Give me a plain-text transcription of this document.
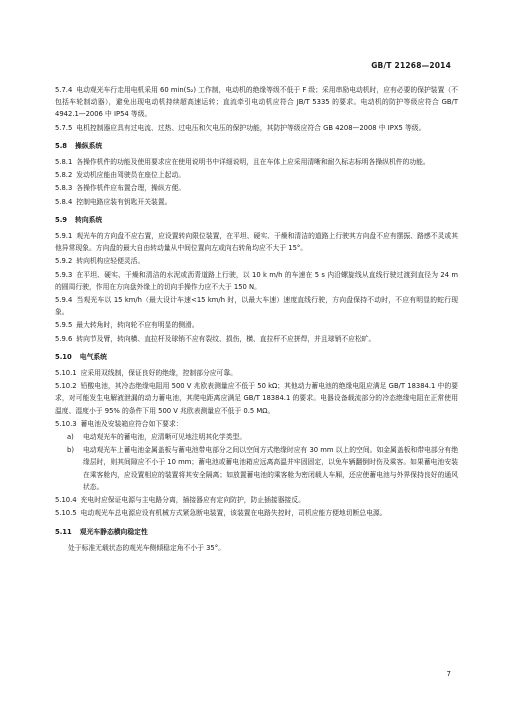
GB/T 21268—2014

5.7.4 电动观光车行走用电机采用 60 min(S₂) 工作制，电动机的绝缘等级不低于 F 级；采用串励电动机时，应有必要的保护装置（不包括车轮制动器），避免出现电动机持续超高速运转；直流牵引电动机应符合 JB/T 5335 的要求。电动机的防护等级应符合 GB/T 4942.1—2006 中 IP54 等级。

5.7.5 电机控制器应具有过电流、过热、过电压和欠电压的保护功能，其防护等级应符合 GB 4208—2008 中 IPX5 等级。

5.8 操纵系统

5.8.1 各操作机件的功能及使用要求应在使用说明书中详细说明，且在车体上应采用清晰和耐久标志标明各操纵机件的功能。

5.8.2 发动机应能由驾驶员在座位上起动。

5.8.3 各操作机件应布置合理，操纵方便。

5.8.4 控制电路应装有钥匙开关装置。

5.9 转向系统

5.9.1 观光车的方向盘不应右置，应设置转向限位装置，在平坦、硬实、干燥和清洁的道路上行驶其方向盘不应有摆振、路感不灵或其他异常现象。方向盘的最大自由转动量从中间位置向左或向右转角均应不大于 15°。

5.9.2 转向机构应轻便灵活。

5.9.3 在平坦、硬实、干燥和清洁的水泥或沥青道路上行驶，以 10 k m/h 的车速在 5 s 内沿螺旋线从直线行驶过渡到直径为 24 m 的圆周行驶，作用在方向盘外缘上的切向手操作力应不大于 150 N。

5.9.4 当观光车以 15 km/h（最大设计车速<15 km/h 时，以最大车速）速度直线行驶，方向盘保持不动时，不应有明显的蛇行现象。

5.9.5 最大转角时，转向轮不应有明显的侧滑。

5.9.6 转向节及臂，转向横、直拉杆及球销不应有裂纹、损伤，横、直拉杆不应拼焊，并且球销不应松旷。

5.10 电气系统

5.10.1 应采用双线制，保证良好的绝缘，控制部分应可靠。

5.10.2 铅酸电池，其冷态绝缘电阻用 500 V 兆欧表测量应不低于 50 kΩ；其他动力蓄电池的绝缘电阻应满足 GB/T 18384.1 中的要求，对可能发生电解液泄漏的动力蓄电池，其爬电距离应满足 GB/T 18384.1 的要求。电器设备载流部分的冷态绝缘电阻在正常使用温度、湿度小于 95% 的条件下用 500 V 兆欧表测量应不低于 0.5 MΩ。

5.10.3 蓄电池及安装箱应符合如下要求：

a)	电动观光车的蓄电池，应清晰可见地注明其化学类型。
b)	电动观光车上蓄电池金属盖板与蓄电池带电部分之间以空间方式绝缘时应有 30 mm 以上的空间。如金属盖板和带电部分有绝缘层时，则其间隙应不小于 10 mm；蓄电池或蓄电池箱应远离高温并牢固固定，以免车辆翻倒时伤及乘客。如果蓄电池安装在乘客舱内，应设置相应的装置将其安全隔离；如放置蓄电池的乘客舱为密闭载人车厢，还应使蓄电池与外界保持良好的通风状态。

5.10.4 充电时应保证电源与主电路分离，插接器应有定向防护，防止插接器接反。

5.10.5 电动观光车总电源应设有机械方式紧急断电装置，该装置在电路失控时，司机应能方便地切断总电源。

5.11 观光车静态横向稳定性

处于标准无载状态的观光车侧倾稳定角不小于 35°。

7
